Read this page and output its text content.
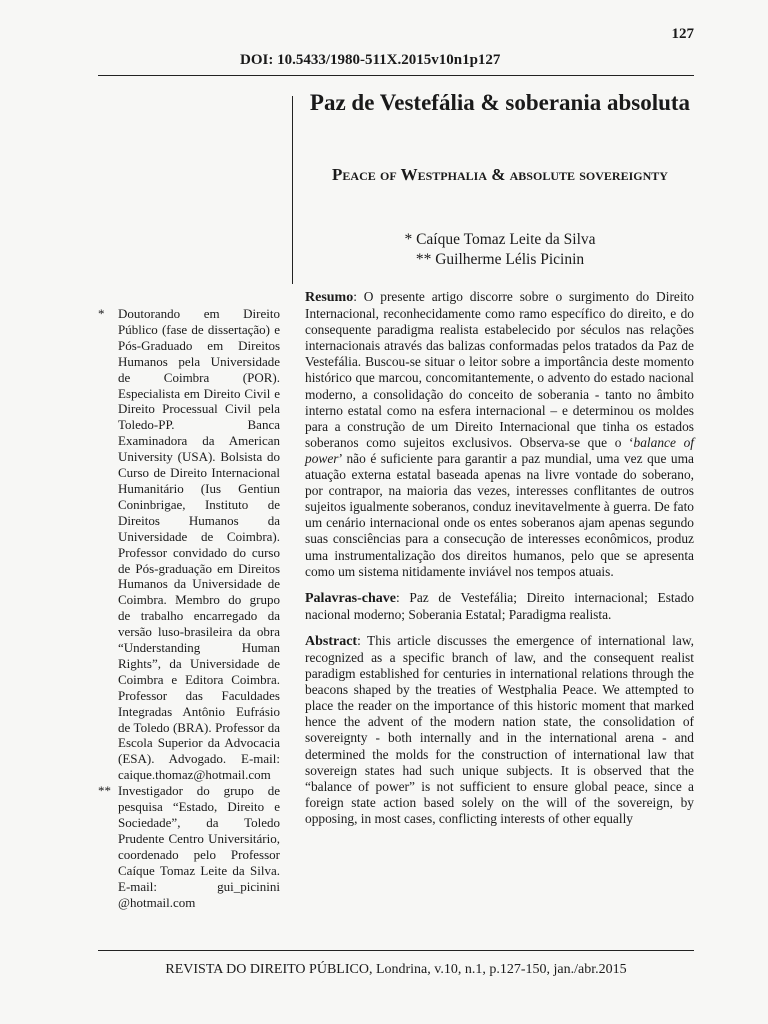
127
DOI: 10.5433/1980-511X.2015v10n1p127
Paz de Vestefália & soberania absoluta
Peace of Westphalia & absolute sovereignty
* Caíque Tomaz Leite da Silva
** Guilherme Lélis Picinin

* Doutorando em Direito Público (fase de dissertação) e Pós-Graduado em Direitos Humanos pela Universidade de Coimbra (POR). Especialista em Direito Civil e Direito Processual Civil pela Toledo-PP. Banca Examinadora da American University (USA). Bolsista do Curso de Direito Internacional Humanitário (Ius Gentiun Coninbrigae, Instituto de Direitos Humanos da Universidade de Coimbra). Professor convidado do curso de Pós-graduação em Direitos Humanos da Universidade de Coimbra. Membro do grupo de trabalho encarregado da versão luso-brasileira da obra “Understanding Human Rights”, da Universidade de Coimbra e Editora Coimbra. Professor das Faculdades Integradas Antônio Eufrásio de Toledo (BRA). Professor da Escola Superior da Advocacia (ESA). Advogado. E-mail: caique.thomaz@hotmail.com

** Investigador do grupo de pesquisa “Estado, Direito e Sociedade”, da Toledo Prudente Centro Universitário, coordenado pelo Professor Caíque Tomaz Leite da Silva. E-mail: gui_picinini @hotmail.com

Resumo: O presente artigo discorre sobre o surgimento do Direito Internacional, reconhecidamente como ramo específico do direito, e do consequente paradigma realista estabelecido por séculos nas relações internacionais através das balizas conformadas pelos tratados da Paz de Vestefália. Buscou-se situar o leitor sobre a importância deste momento histórico que marcou, concomitantemente, o advento do estado nacional moderno, a consolidação do conceito de soberania - tanto no âmbito interno estatal como na esfera internacional – e determinou os moldes para a construção de um Direito Internacional que tinha os estados soberanos como sujeitos exclusivos. Observa-se que o ‘balance of power’ não é suficiente para garantir a paz mundial, uma vez que uma atuação externa estatal baseada apenas na livre vontade do soberano, por contrapor, na maioria das vezes, interesses conflitantes de outros sujeitos igualmente soberanos, conduz inevitavelmente à guerra. De fato um cenário internacional onde os entes soberanos ajam apenas segundo suas consciências para a consecução de interesses econômicos, produz uma instrumentalização dos direitos humanos, pelo que se apresenta como um sistema nitidamente inviável nos tempos atuais.

Palavras-chave: Paz de Vestefália; Direito internacional; Estado nacional moderno; Soberania Estatal; Paradigma realista.

Abstract: This article discusses the emergence of international law, recognized as a specific branch of law, and the consequent realist paradigm established for centuries in international relations through the beacons shaped by the treaties of Westphalia Peace. We attempted to place the reader on the importance of this historic moment that marked hence the advent of the modern nation state, the consolidation of sovereignty - both internally and in the international arena - and determined the molds for the construction of international law that sovereign states had such unique subjects. It is observed that the “balance of power” is not sufficient to ensure global peace, since a foreign state action based solely on the will of the sovereign, by opposing, in most cases, conflicting interests of other equally

REVISTA DO DIREITO PÚBLICO, Londrina, v.10, n.1, p.127-150, jan./abr.2015
